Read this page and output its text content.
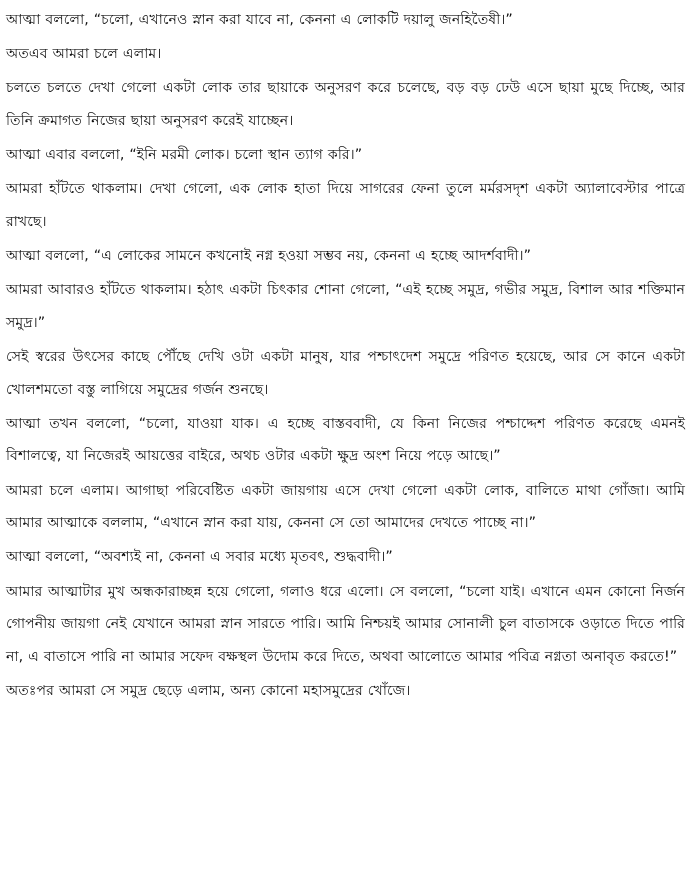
আত্মা বললো, “চলো, এখানেও স্নান করা যাবে না, কেননা এ লোকটি দয়ালু জনহিতৈষী।”

অতএব আমরা চলে এলাম।

চলতে চলতে দেখা গেলো একটা লোক তার ছায়াকে অনুসরণ করে চলেছে, বড় বড় ঢেউ এসে ছায়া মুছে দিচ্ছে, আর তিনি ক্রমাগত নিজের ছায়া অনুসরণ করেই যাচ্ছেন।

আত্মা এবার বললো, “ইনি মরমী লোক। চলো স্থান ত্যাগ করি।”

আমরা হাঁটতে থাকলাম। দেখা গেলো, এক লোক হাতা দিয়ে সাগরের ফেনা তুলে মর্মরসদৃশ একটা অ্যালাবেস্টার পাত্রে রাখছে।

আত্মা বললো, “এ লোকের সামনে কখনোই নগ্ন হওয়া সম্ভব নয়, কেননা এ হচ্ছে আদর্শবাদী।”

আমরা আবারও হাঁটতে থাকলাম। হঠাৎ একটা চিৎকার শোনা গেলো, “এই হচ্ছে সমুদ্র, গভীর সমুদ্র, বিশাল আর শক্তিমান সমুদ্র।”

সেই স্বরের উৎসের কাছে পৌঁছে দেখি ওটা একটা মানুষ, যার পশ্চাৎদেশ সমুদ্রে পরিণত হয়েছে, আর সে কানে একটা খোলশমতো বস্তু লাগিয়ে সমুদ্রের গর্জন শুনছে।

আত্মা তখন বললো, “চলো, যাওয়া যাক। এ হচ্ছে বাস্তববাদী, যে কিনা নিজের পশ্চাদ্দেশ পরিণত করেছে এমনই বিশালত্বে, যা নিজেরই আয়ত্তের বাইরে, অথচ ওটার একটা ক্ষুদ্র অংশ নিয়ে পড়ে আছে।”

আমরা চলে এলাম। আগাছা পরিবেষ্টিত একটা জায়গায় এসে দেখা গেলো একটা লোক, বালিতে মাথা গোঁজা। আমি আমার আত্মাকে বললাম, “এখানে স্নান করা যায়, কেননা সে তো আমাদের দেখতে পাচ্ছে না।”

আত্মা বললো, “অবশ্যই না, কেননা এ সবার মধ্যে মৃতবৎ, শুদ্ধবাদী।”

আমার আত্মাটার মুখ অন্ধকারাচ্ছন্ন হয়ে গেলো, গলাও ধরে এলো। সে বললো, “চলো যাই। এখানে এমন কোনো নির্জন গোপনীয় জায়গা নেই যেখানে আমরা স্নান সারতে পারি। আমি নিশ্চয়ই আমার সোনালী চুল বাতাসকে ওড়াতে দিতে পারি না, এ বাতাসে পারি না আমার সফেদ বক্ষস্থল উদোম করে দিতে, অথবা আলোতে আমার পবিত্র নগ্নতা অনাবৃত করতে!”

অতঃপর আমরা সে সমুদ্র ছেড়ে এলাম, অন্য কোনো মহাসমুদ্রের খোঁজে।
